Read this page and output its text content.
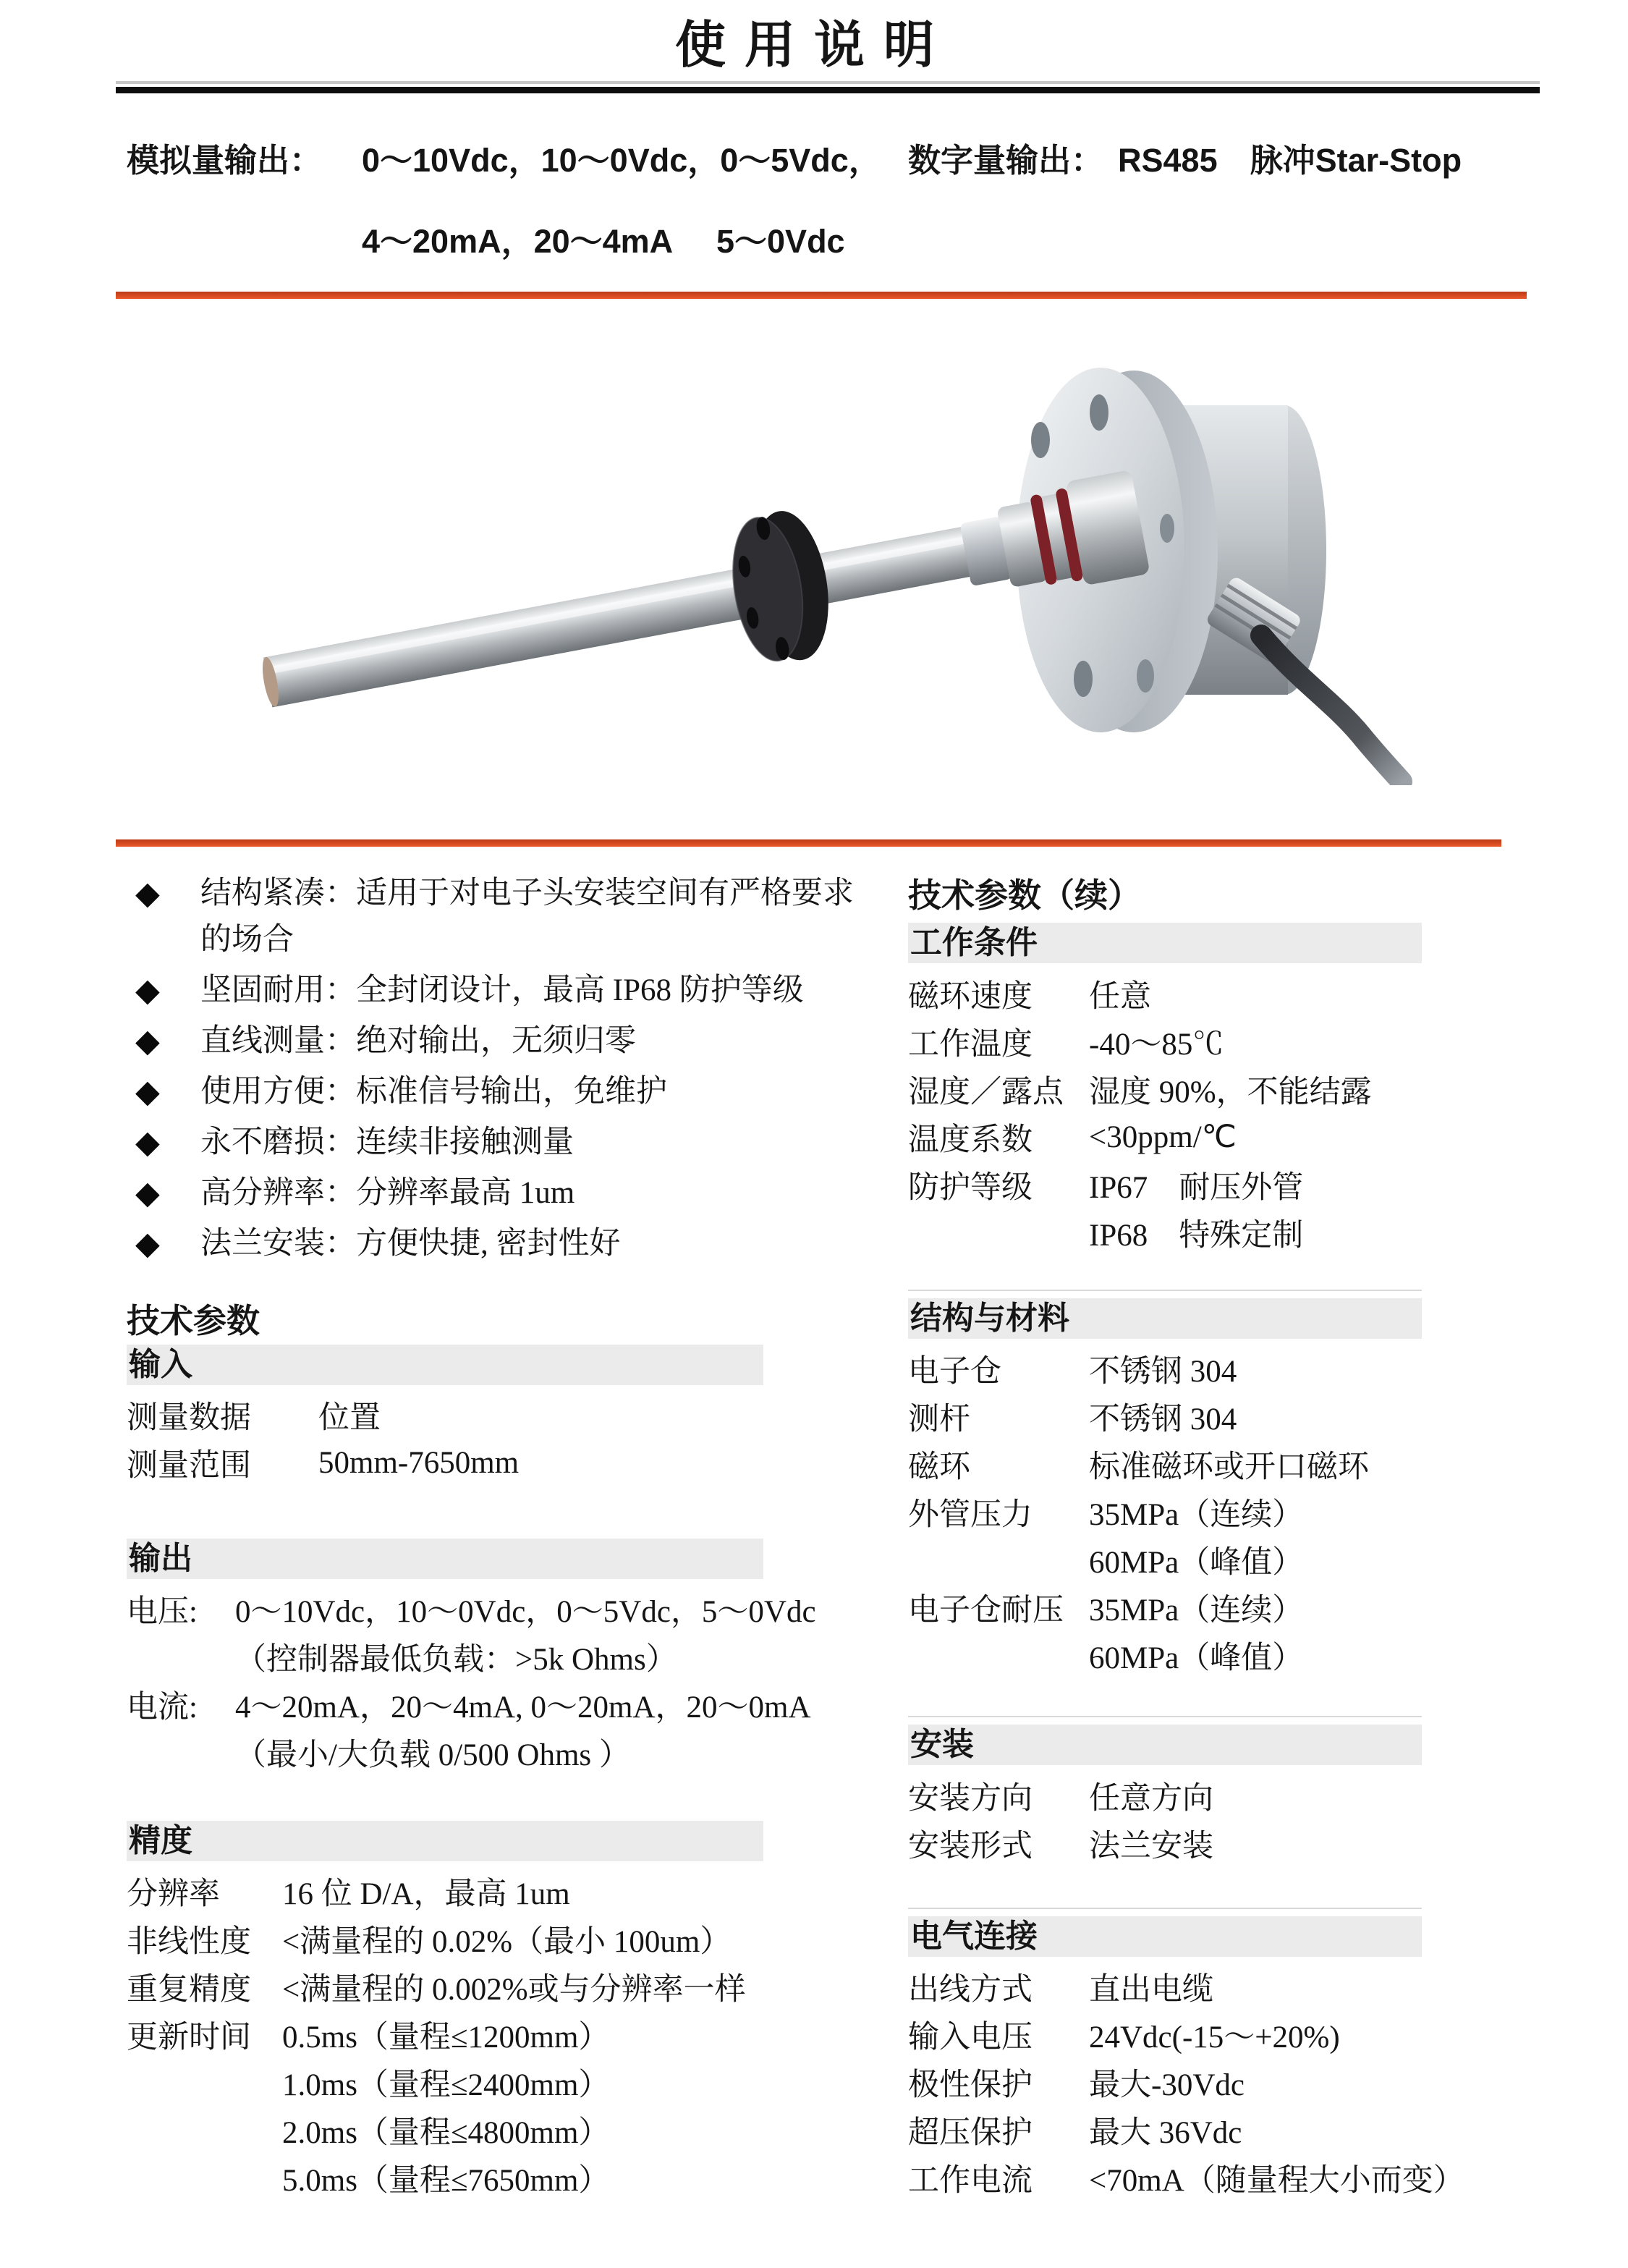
使用说明
模拟量输出： 0～10Vdc，10～0Vdc，0～5Vdc， 数字量输出： RS485　脉冲Star-Stop
4～20mA，20～4mA 5～0Vdc
◆	结构紧凑：适用于对电子头安装空间有严格要求的场合
◆	坚固耐用：全封闭设计，最高 IP68 防护等级
◆	直线测量：绝对输出，无须归零
◆	使用方便：标准信号输出，免维护
◆	永不磨损：连续非接触测量
◆	高分辨率：分辨率最高 1um
◆	法兰安装：方便快捷, 密封性好
技术参数
输入
测量数据	位置
测量范围	50mm-7650mm
输出
电压:	0～10Vdc，10～0Vdc，0～5Vdc，5～0Vdc
（控制器最低负载：>5k Ohms）
电流:	4～20mA，20～4mA, 0～20mA，20～0mA
（最小/大负载 0/500 Ohms ）
精度
分辨率	16 位 D/A，最高 1um
非线性度	<满量程的 0.02%（最小 100um）
重复精度	<满量程的 0.002%或与分辨率一样
更新时间	0.5ms（量程≤1200mm）
1.0ms（量程≤2400mm）
2.0ms（量程≤4800mm）
5.0ms（量程≤7650mm）
技术参数（续）
工作条件
磁环速度	任意
工作温度	-40～85℃
湿度／露点 湿度 90%，不能结露
温度系数	<30ppm/℃
防护等级	IP67　耐压外管
IP68　特殊定制
结构与材料
电子仓	不锈钢 304
测杆	不锈钢 304
磁环	标准磁环或开口磁环
外管压力	35MPa（连续）
60MPa（峰值）
电子仓耐压 35MPa（连续）
60MPa（峰值）
安装
安装方向	任意方向
安装形式	法兰安装
电气连接
出线方式	直出电缆
输入电压	24Vdc(-15～+20%)
极性保护	最大-30Vdc
超压保护	最大 36Vdc
工作电流	<70mA（随量程大小而变）
